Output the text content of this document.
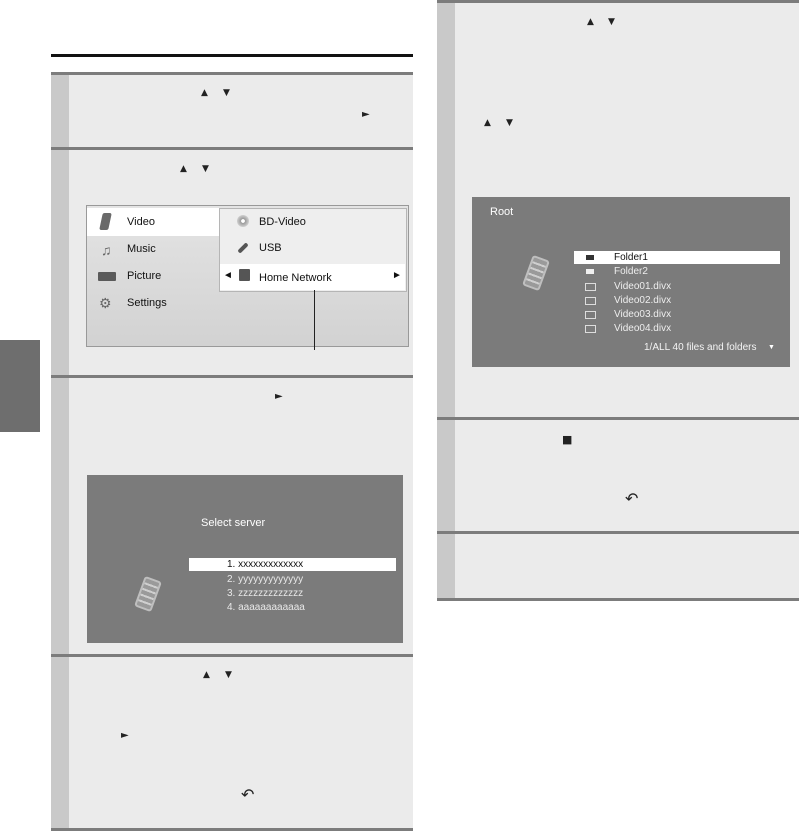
▲ ▼
►
▲ ▼
Video
♫ Music
Picture
⚙ Settings
BD-Video
USB
◄ Home Network	►
►
Select server
1. xxxxxxxxxxxxx
2. yyyyyyyyyyyyy
3. zzzzzzzzzzzzz
4. aaaaaaaaaaaa
▲ ▼
►
↶
▲ ▼
▲ ▼
Root
Folder1
Folder2
Video01.divx
Video02.divx
Video03.divx
Video04.divx
1/ALL 40 files and folders ▼
■
↶
